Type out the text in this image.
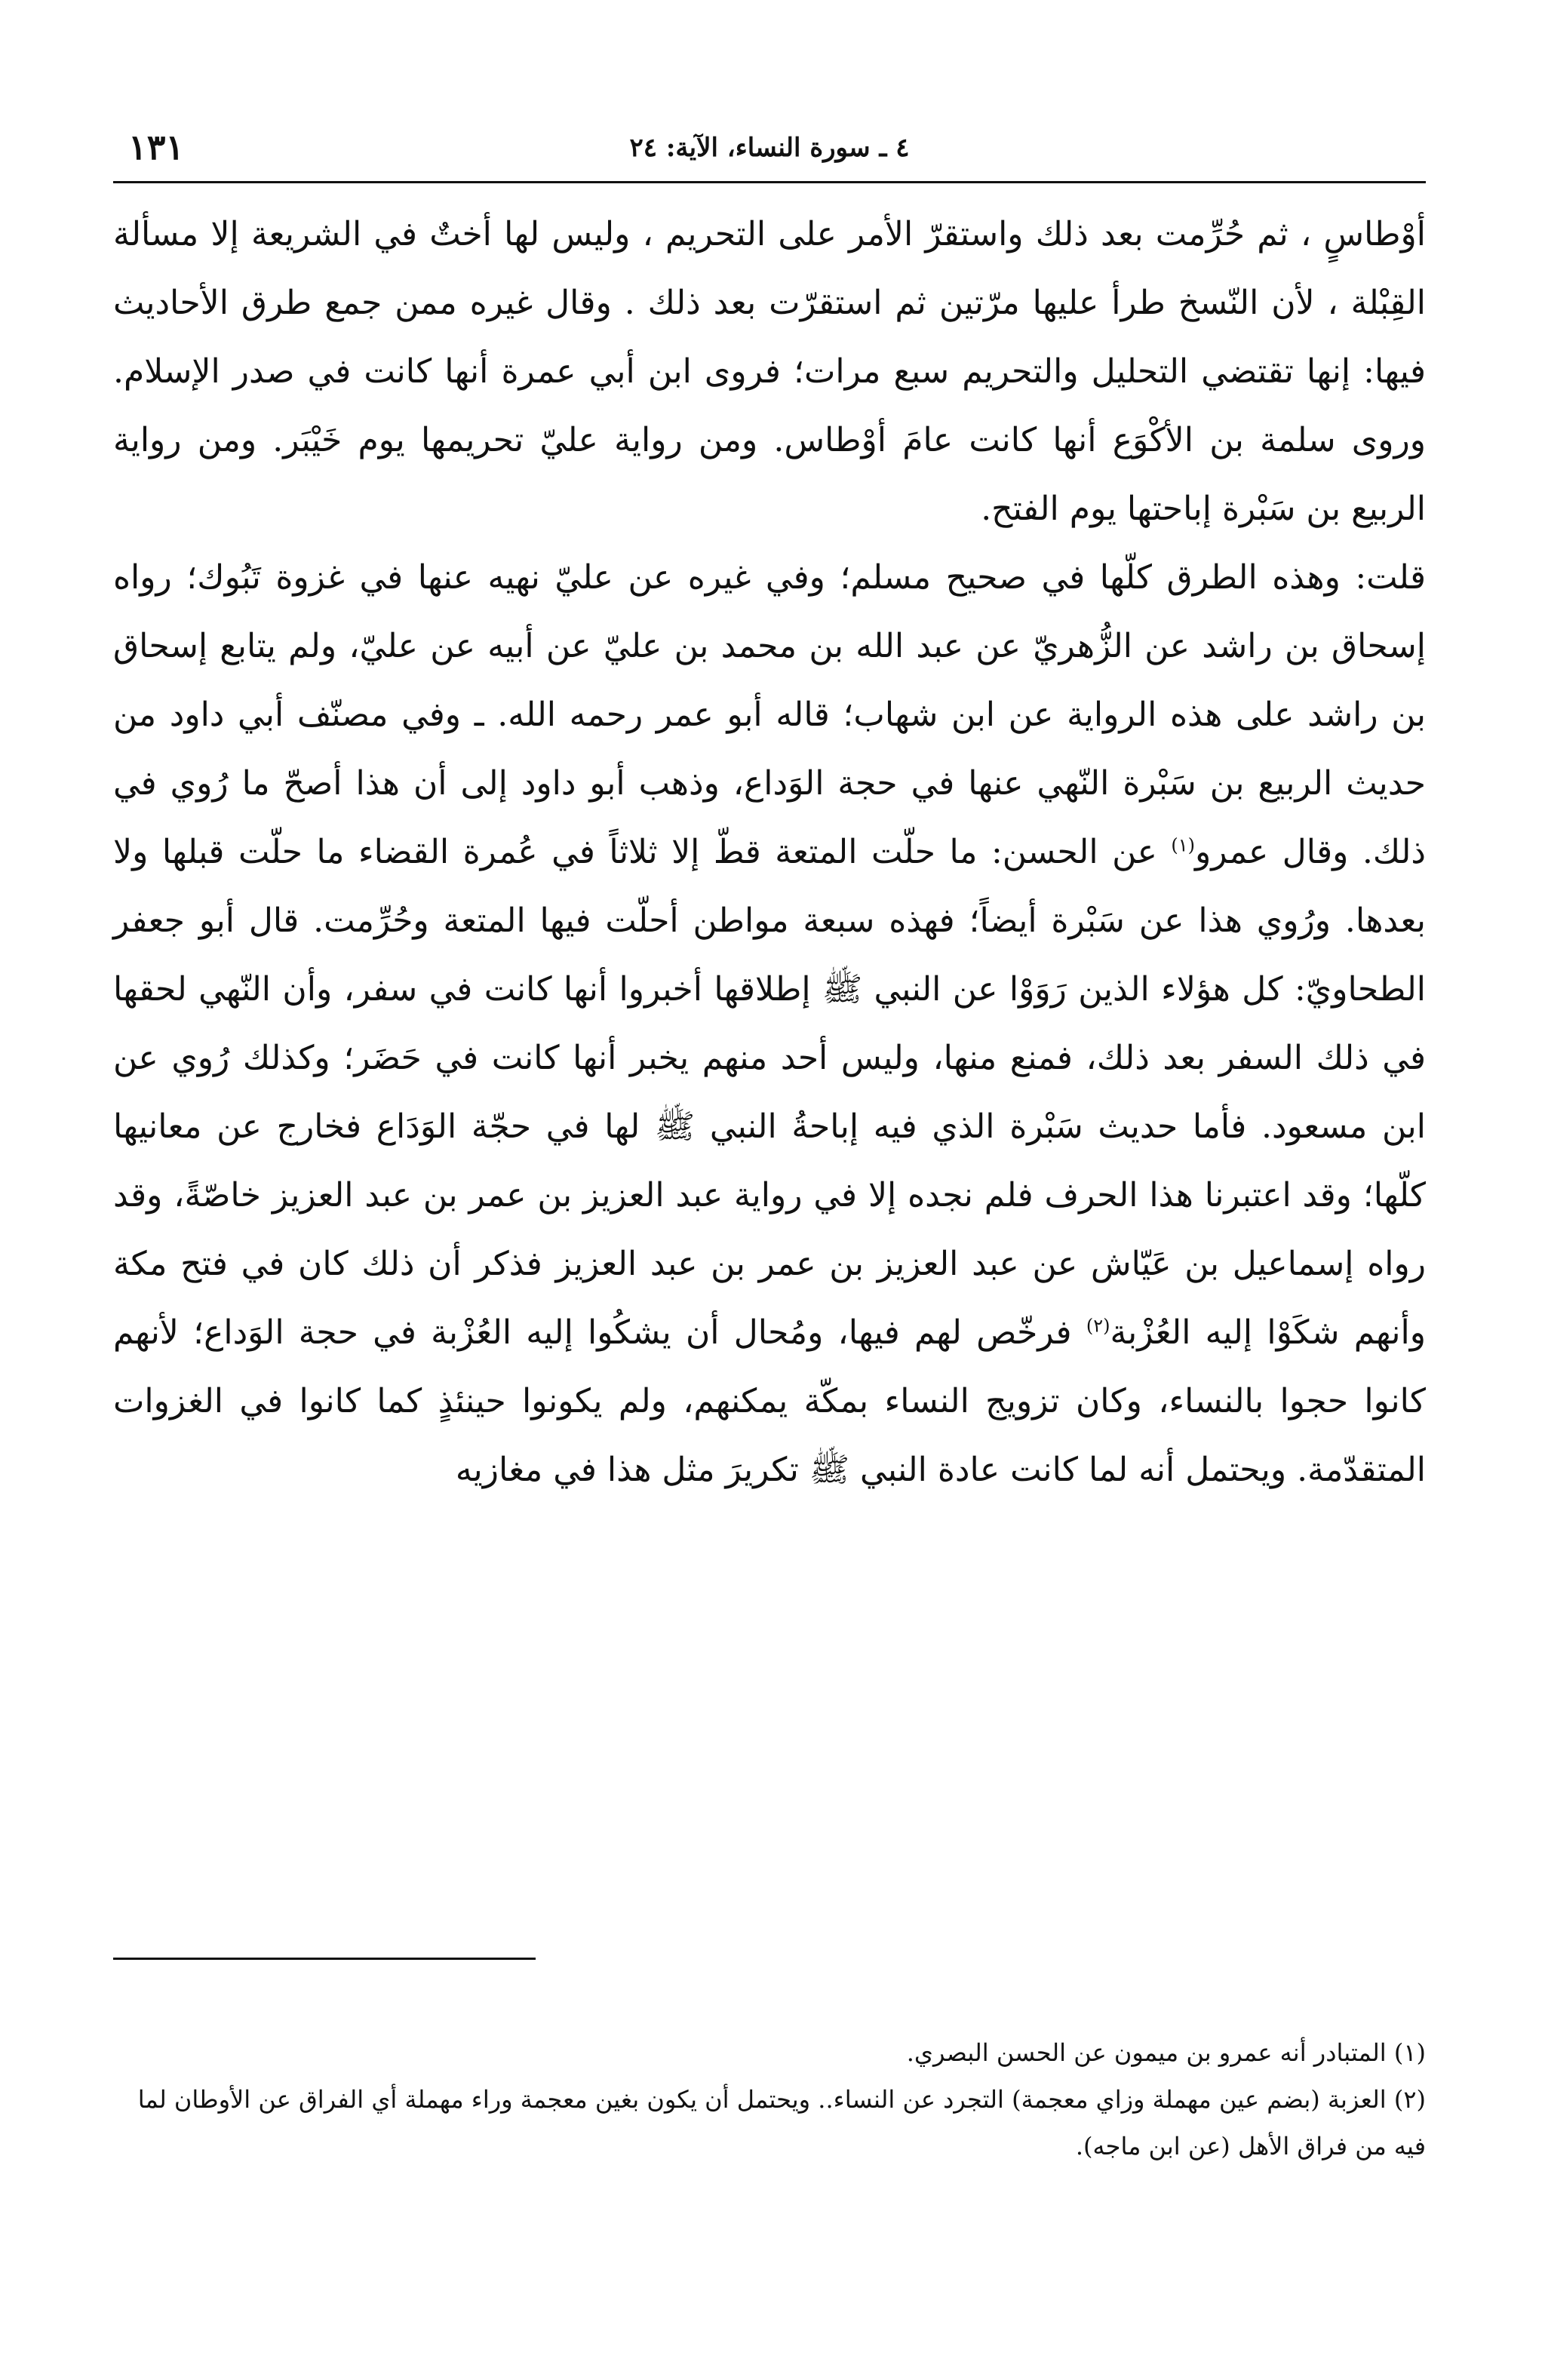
١٣١	٤ ـ سورة النساء، الآية: ٢٤

أوْطاسٍ ، ثم حُرِّمت بعد ذلك واستقرّ الأمر على التحريم ، وليس لها أختٌ في الشريعة إلا مسألة القِبْلة ، لأن النّسخ طرأ عليها مرّتين ثم استقرّت بعد ذلك . وقال غيره ممن جمع طرق الأحاديث فيها: إنها تقتضي التحليل والتحريم سبع مرات؛ فروى ابن أبي عمرة أنها كانت في صدر الإسلام. وروى سلمة بن الأكْوَع أنها كانت عامَ أوْطاس. ومن رواية عليّ تحريمها يوم خَيْبَر. ومن رواية الربيع بن سَبْرة إباحتها يوم الفتح.

قلت: وهذه الطرق كلّها في صحيح مسلم؛ وفي غيره عن عليّ نهيه عنها في غزوة تَبُوك؛ رواه إسحاق بن راشد عن الزُّهريّ عن عبد الله بن محمد بن عليّ عن أبيه عن عليّ، ولم يتابع إسحاق بن راشد على هذه الرواية عن ابن شهاب؛ قاله أبو عمر رحمه الله. ـ وفي مصنّف أبي داود من حديث الربيع بن سَبْرة النّهي عنها في حجة الوَداع، وذهب أبو داود إلى أن هذا أصحّ ما رُوي في ذلك. وقال عمرو$^{(١)}$ عن الحسن: ما حلّت المتعة قطّ إلا ثلاثاً في عُمرة القضاء ما حلّت قبلها ولا بعدها. ورُوي هذا عن سَبْرة أيضاً؛ فهذه سبعة مواطن أحلّت فيها المتعة وحُرِّمت. قال أبو جعفر الطحاويّ: كل هؤلاء الذين رَوَوْا عن النبي ﷺ إطلاقها أخبروا أنها كانت في سفر، وأن النّهي لحقها في ذلك السفر بعد ذلك، فمنع منها، وليس أحد منهم يخبر أنها كانت في حَضَر؛ وكذلك رُوي عن ابن مسعود. فأما حديث سَبْرة الذي فيه إباحةُ النبي ﷺ لها في حجّة الوَدَاع فخارج عن معانيها كلّها؛ وقد اعتبرنا هذا الحرف فلم نجده إلا في رواية عبد العزيز بن عمر بن عبد العزيز خاصّةً، وقد رواه إسماعيل بن عَيّاش عن عبد العزيز بن عمر بن عبد العزيز فذكر أن ذلك كان في فتح مكة وأنهم شكَوْا إليه العُزْبة$^{(٢)}$ فرخّص لهم فيها، ومُحال أن يشكُوا إليه العُزْبة في حجة الوَداع؛ لأنهم كانوا حجوا بالنساء، وكان تزويج النساء بمكّة يمكنهم، ولم يكونوا حينئذٍ كما كانوا في الغزوات المتقدّمة. ويحتمل أنه لما كانت عادة النبي ﷺ تكريرَ مثل هذا في مغازيه

(١) المتبادر أنه عمرو بن ميمون عن الحسن البصري.

(٢) العزبة (بضم عين مهملة وزاي معجمة) التجرد عن النساء.. ويحتمل أن يكون بغين معجمة وراء مهملة أي الفراق عن الأوطان لما فيه من فراق الأهل (عن ابن ماجه).
